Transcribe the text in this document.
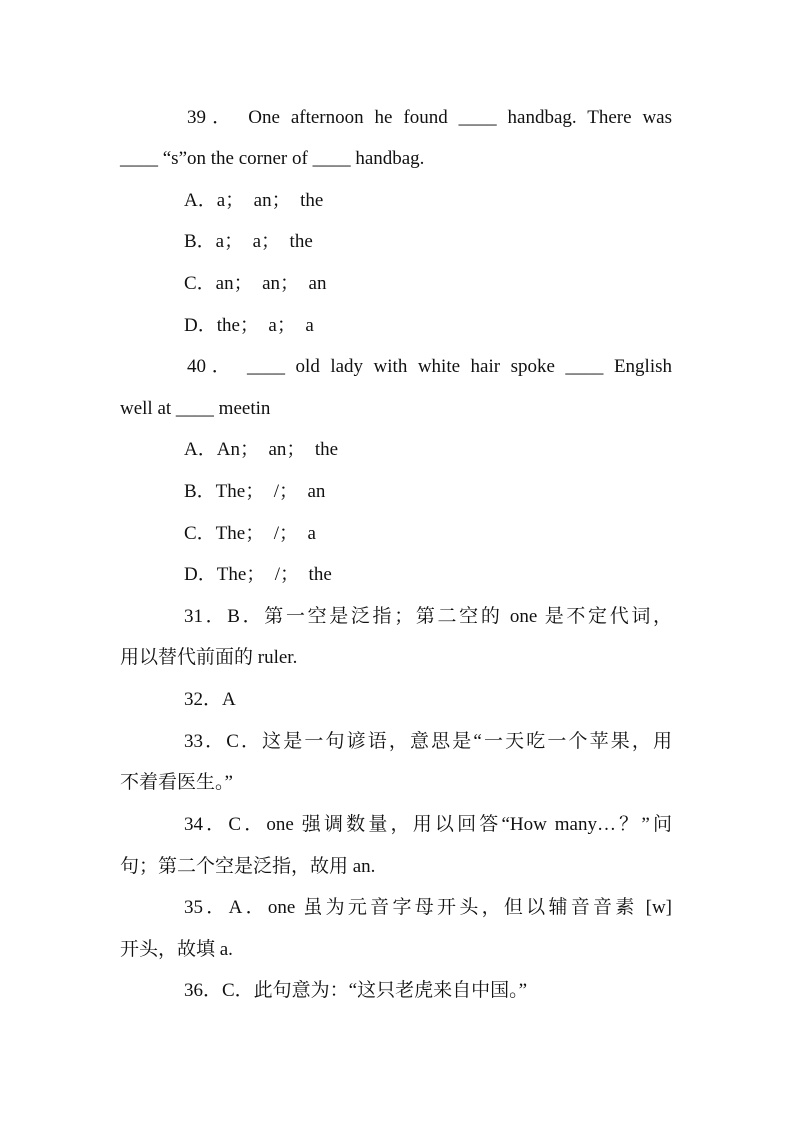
39． One afternoon he found ____ handbag. There was
____ “s”on the corner of ____ handbag.
A．a；  an；  the
B．a；  a；  the
C．an；  an；  an
D．the；  a；  a
40． ____ old lady with white hair spoke ____ English
well at ____ meetin
A．An；  an；  the
B．The；  /；  an
C．The；  /；  a
D．The；  /；  the
31．B．第一空是泛指；第二空的 one 是不定代词，
用以替代前面的 ruler.
32．A
33．C．这是一句谚语，意思是“一天吃一个苹果，用
不着看医生。”
34．C．one 强调数量，用以回答“How many…？”问
句；第二个空是泛指，故用 an.
35．A．one 虽为元音字母开头，但以辅音音素 [w]
开头，故填 a.
36．C．此句意为：“这只老虎来自中国。”
